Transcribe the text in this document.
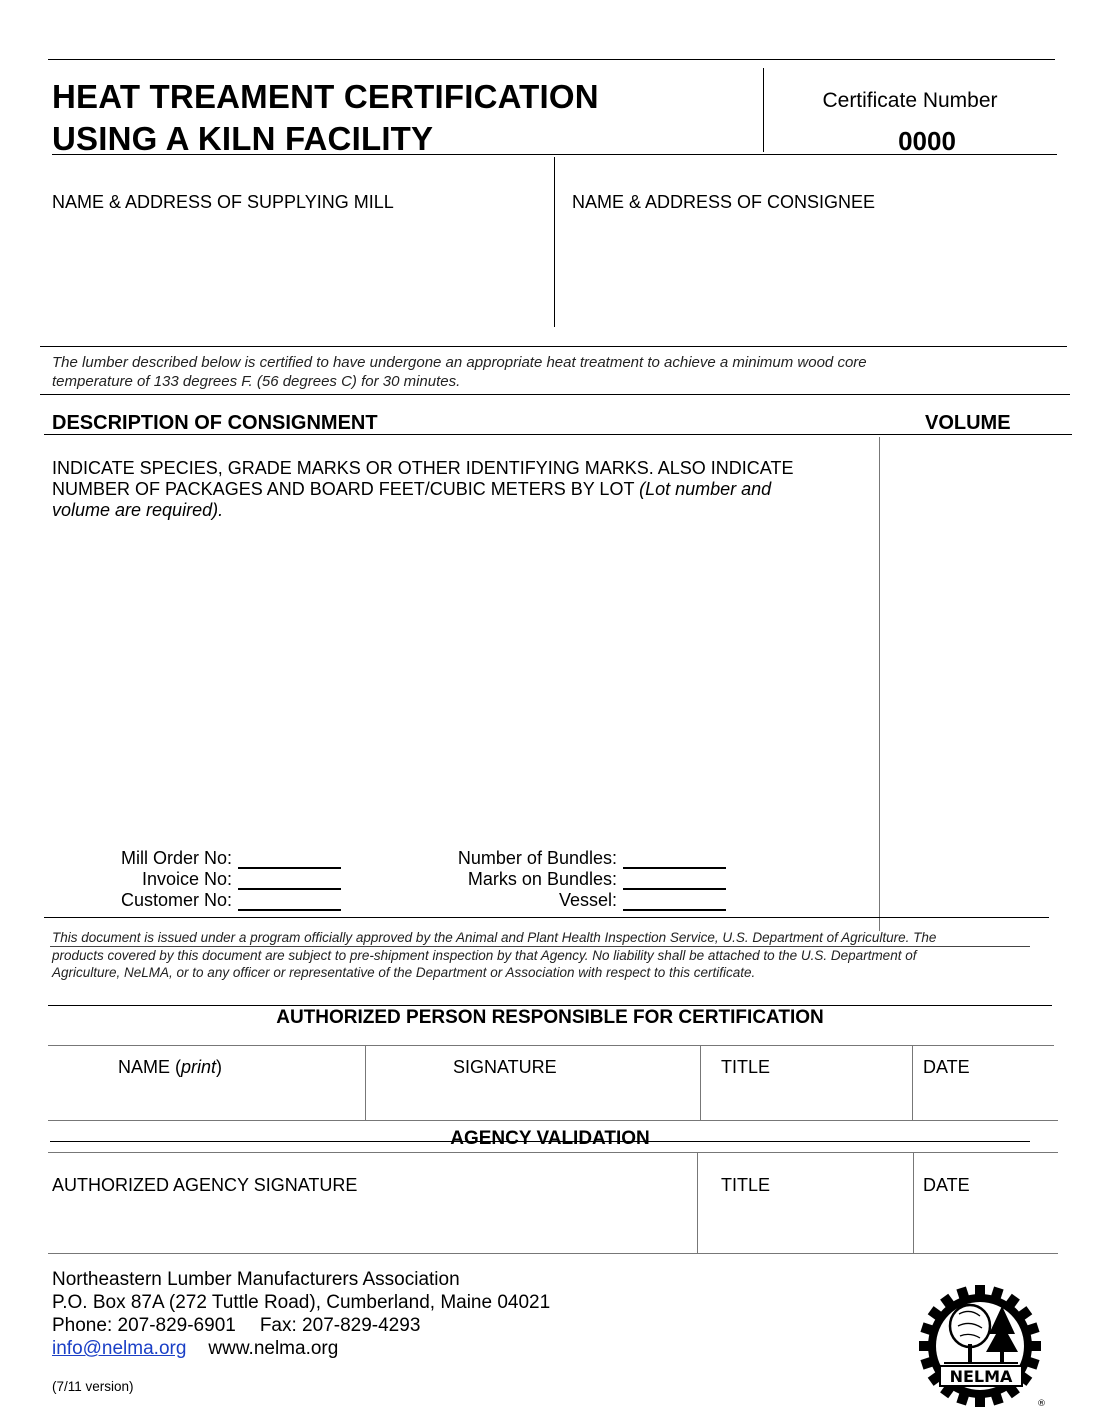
HEAT TREAMENT CERTIFICATION
USING A KILN FACILITY
Certificate Number
0000
NAME & ADDRESS OF SUPPLYING MILL	NAME & ADDRESS OF CONSIGNEE
The lumber described below is certified to have undergone an appropriate heat treatment to achieve a minimum wood core
temperature of 133 degrees F. (56 degrees C) for 30 minutes.
DESCRIPTION OF CONSIGNMENT	VOLUME
INDICATE SPECIES, GRADE MARKS OR OTHER IDENTIFYING MARKS. ALSO INDICATE
NUMBER OF PACKAGES AND BOARD FEET/CUBIC METERS BY LOT (Lot number and
volume are required).
Mill Order No:
Invoice No:
Customer No:
Number of Bundles:
Marks on Bundles:
Vessel:
This document is issued under a program officially approved by the Animal and Plant Health Inspection Service, U.S. Department of Agriculture. The
products covered by this document are subject to pre-shipment inspection by that Agency. No liability shall be attached to the U.S. Department of
Agriculture, NeLMA, or to any officer or representative of the Department or Association with respect to this certificate.
AUTHORIZED PERSON RESPONSIBLE FOR CERTIFICATION
NAME (print)	SIGNATURE	TITLE	DATE
AGENCY VALIDATION
AUTHORIZED AGENCY SIGNATURE	TITLE	DATE
Northeastern Lumber Manufacturers Association
P.O. Box 87A (272 Tuttle Road), Cumberland, Maine 04021
Phone: 207-829-6901 Fax: 207-829-4293
info@nelma.org www.nelma.org
(7/11 version)
NELMA
®
